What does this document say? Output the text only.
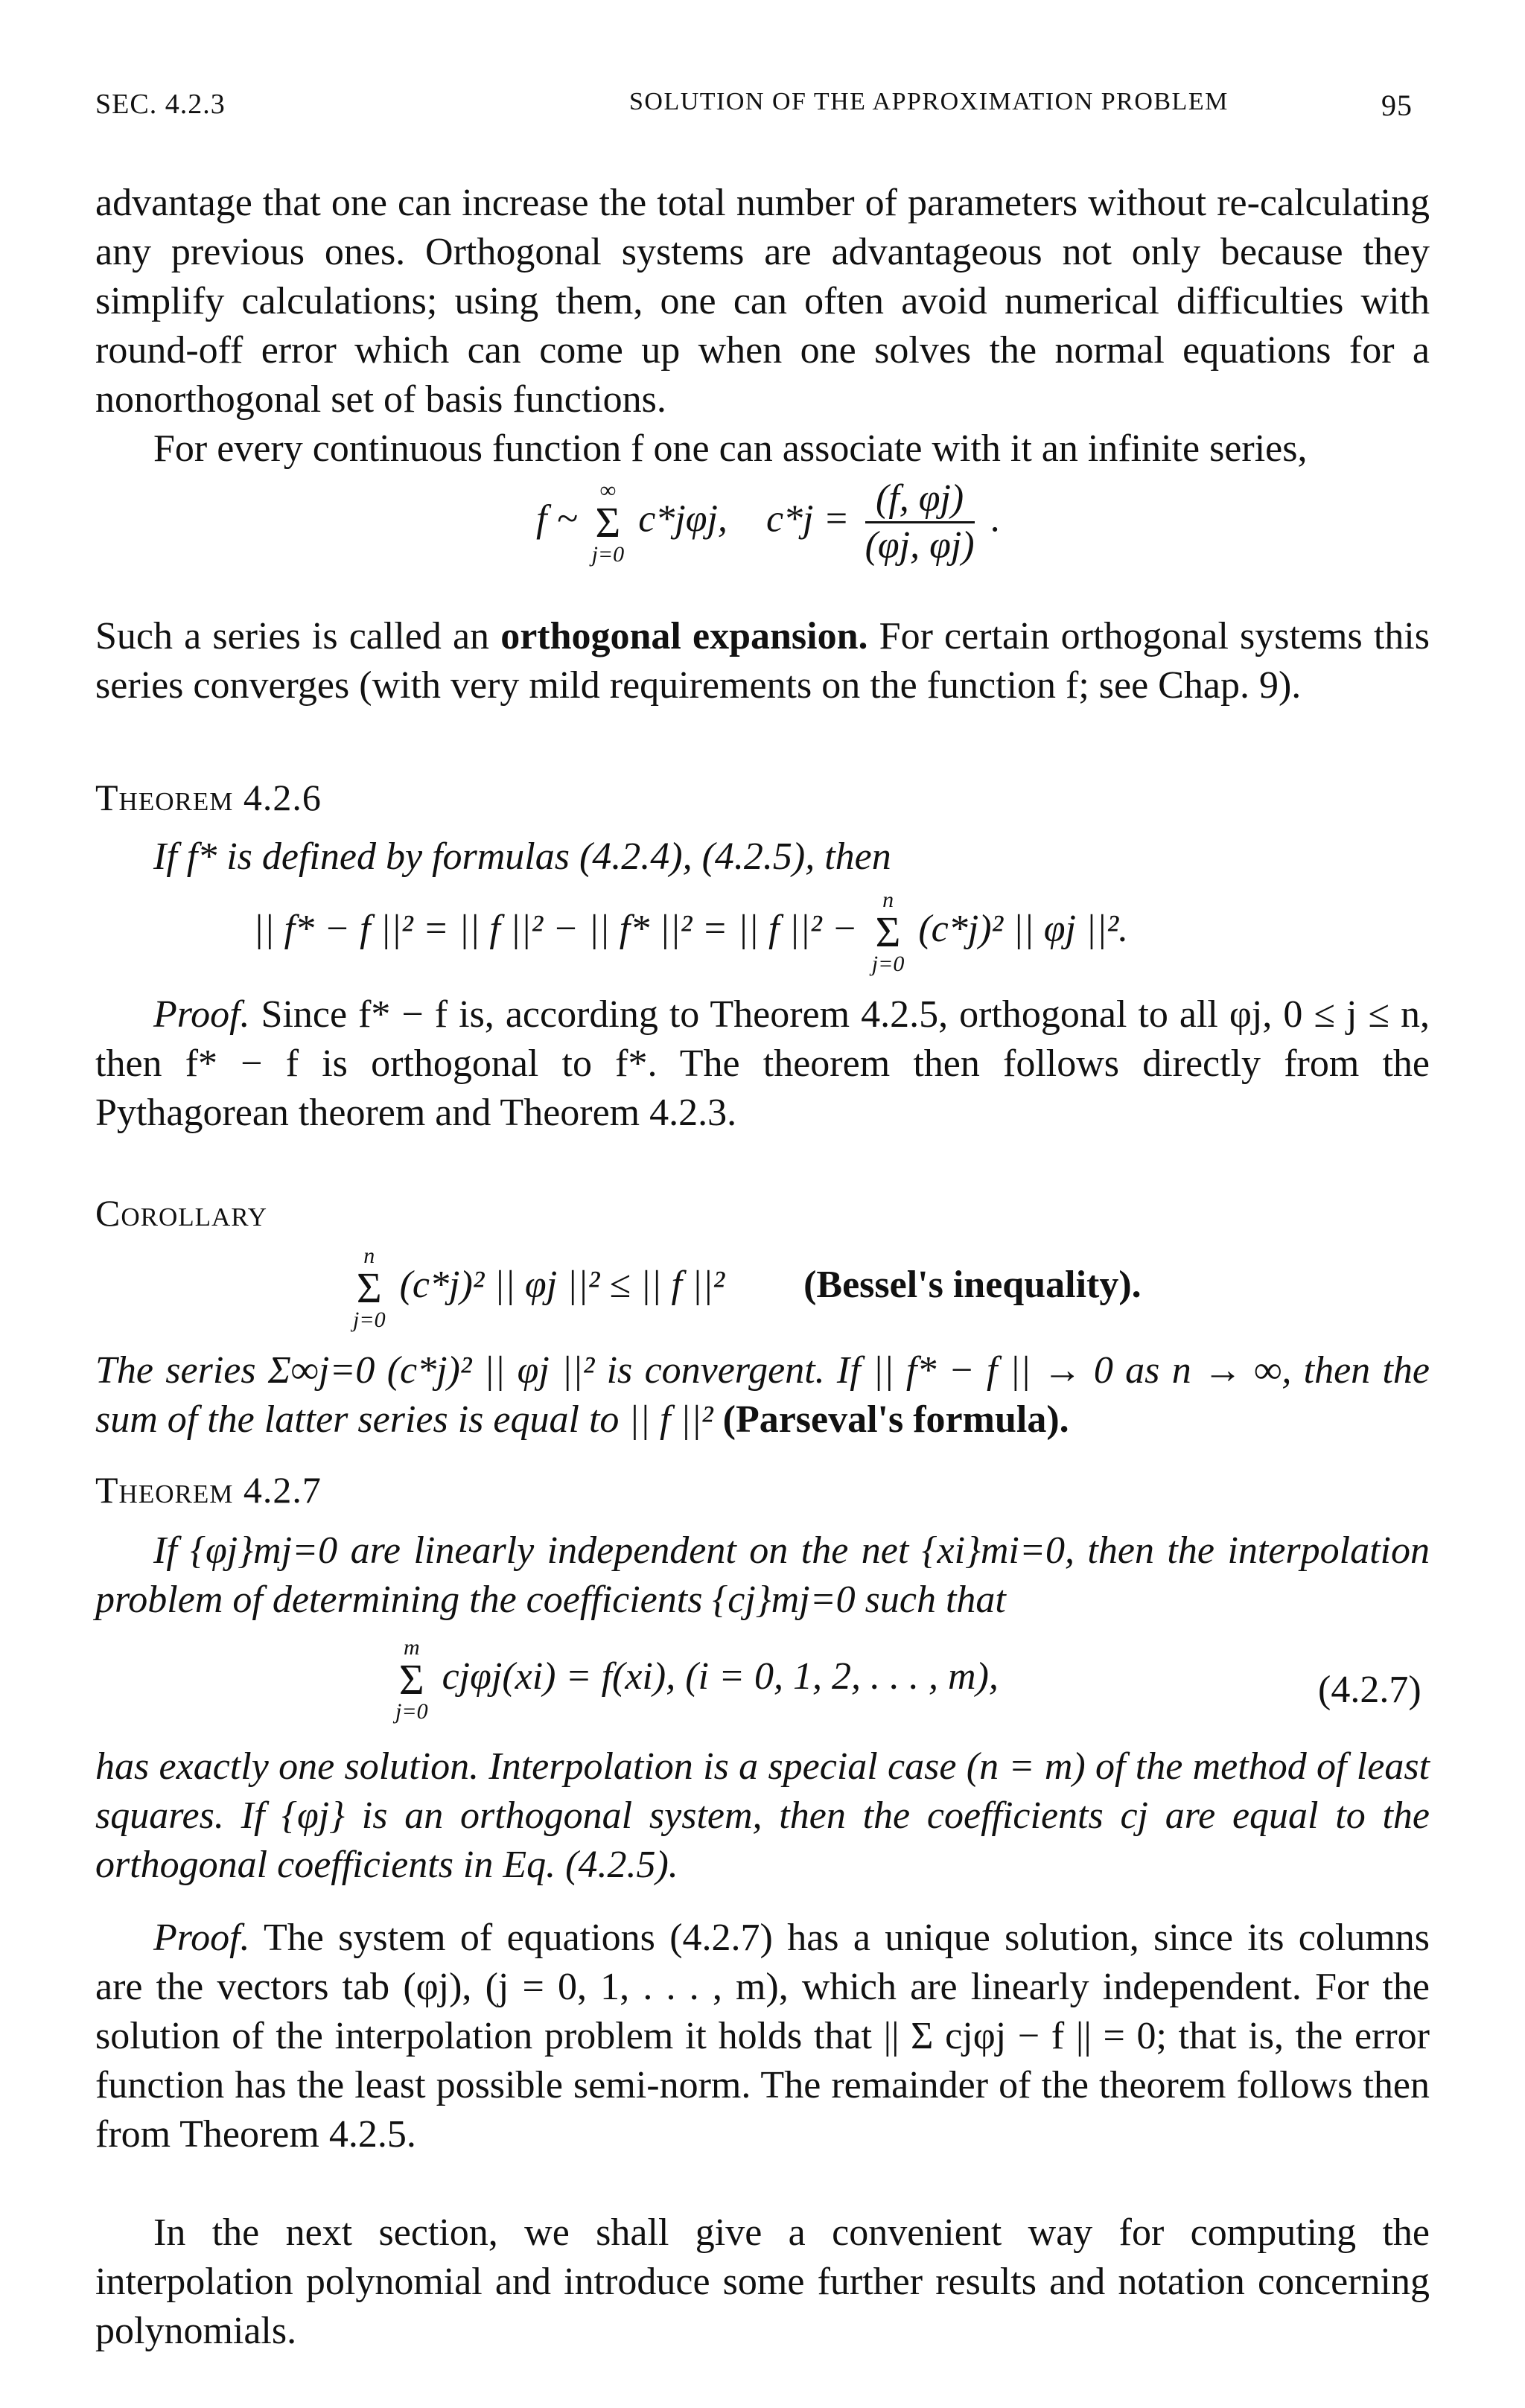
SEC. 4.2.3	SOLUTION OF THE APPROXIMATION PROBLEM	95

advantage that one can increase the total number of parameters without re-calculating any previous ones. Orthogonal systems are advantageous not only because they simplify calculations; using them, one can often avoid numerical difficulties with round-off error which can come up when one solves the normal equations for a nonorthogonal set of basis functions.

For every continuous function f one can associate with it an infinite series,

f ~
∞
Σ
j=0
c*jφj, $c*j = \frac{(f, \varphi j)}{(\varphi j, \varphi j)}$ .

Such a series is called an orthogonal expansion. For certain orthogonal systems this series converges (with very mild requirements on the function f; see Chap. 9).

Theorem 4.2.6

If f* is defined by formulas (4.2.4), (4.2.5), then

|| f* − f ||² = || f ||² − || f* ||² = || f ||² −
n
Σ
j=0
(c*j)² || φj ||².

Proof. Since f* − f is, according to Theorem 4.2.5, orthogonal to all φj, 0 ≤ j ≤ n, then f* − f is orthogonal to f*. The theorem then follows directly from the Pythagorean theorem and Theorem 4.2.3.

Corollary
n
Σ
j=0
(c*j)² || φj ||² ≤ || f ||² (Bessel's inequality).

The series Σ∞j=0 (c*j)² || φj ||² is convergent. If || f* − f || → 0 as n → ∞, then the sum of the latter series is equal to || f ||² (Parseval's formula).

Theorem 4.2.7

If {φj}mj=0 are linearly independent on the net {xi}mi=0, then the interpolation problem of determining the coefficients {cj}mj=0 such that

m
Σ
j=0
cjφj(xi) = f(xi), (i = 0, 1, 2, . . . , m),	(4.2.7)

has exactly one solution. Interpolation is a special case (n = m) of the method of least squares. If {φj} is an orthogonal system, then the coefficients cj are equal to the orthogonal coefficients in Eq. (4.2.5).

Proof. The system of equations (4.2.7) has a unique solution, since its columns are the vectors tab (φj), (j = 0, 1, . . . , m), which are linearly independent. For the solution of the interpolation problem it holds that || Σ cjφj − f || = 0; that is, the error function has the least possible semi-norm. The remainder of the theorem follows then from Theorem 4.2.5.

In the next section, we shall give a convenient way for computing the interpolation polynomial and introduce some further results and notation concerning polynomials.
